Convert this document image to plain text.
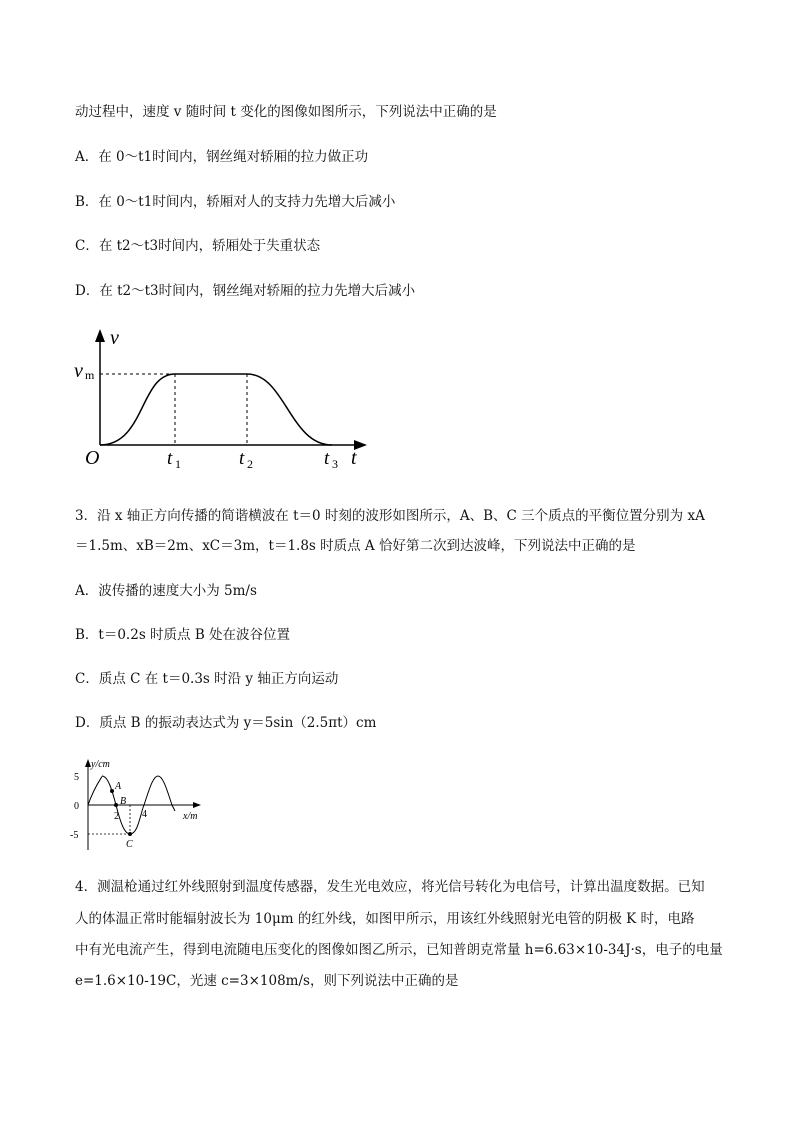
动过程中，速度 v 随时间 t 变化的图像如图所示，下列说法中正确的是
A．在 0～t1时间内，钢丝绳对轿厢的拉力做正功
B．在 0～t1时间内，轿厢对人的支持力先增大后减小
C．在 t2～t3时间内，轿厢处于失重状态
D．在 t2～t3时间内，钢丝绳对轿厢的拉力先增大后减小
v
v m
O	t
t 1	t 2	t 3
3．沿 x 轴正方向传播的简谐横波在 t＝0 时刻的波形如图所示，A、B、C 三个质点的平衡位置分别为 xA
＝1.5m、xB＝2m、xC＝3m，t＝1.8s 时质点 A 恰好第二次到达波峰，下列说法中正确的是
A．波传播的速度大小为 5m/s
B．t＝0.2s 时质点 B 处在波谷位置
C．质点 C 在 t＝0.3s 时沿 y 轴正方向运动
D．质点 B 的振动表达式为 y＝5sin（2.5πt）cm
y/cm
x/m
5
0
-5
2 4
A
B
C
4．测温枪通过红外线照射到温度传感器，发生光电效应，将光信号转化为电信号，计算出温度数据。已知
人的体温正常时能辐射波长为 10μm 的红外线，如图甲所示，用该红外线照射光电管的阴极 K 时，电路
中有光电流产生，得到电流随电压变化的图像如图乙所示，已知普朗克常量 h=6.63×10-34J·s，电子的电量
e=1.6×10-19C，光速 c=3×108m/s，则下列说法中正确的是
